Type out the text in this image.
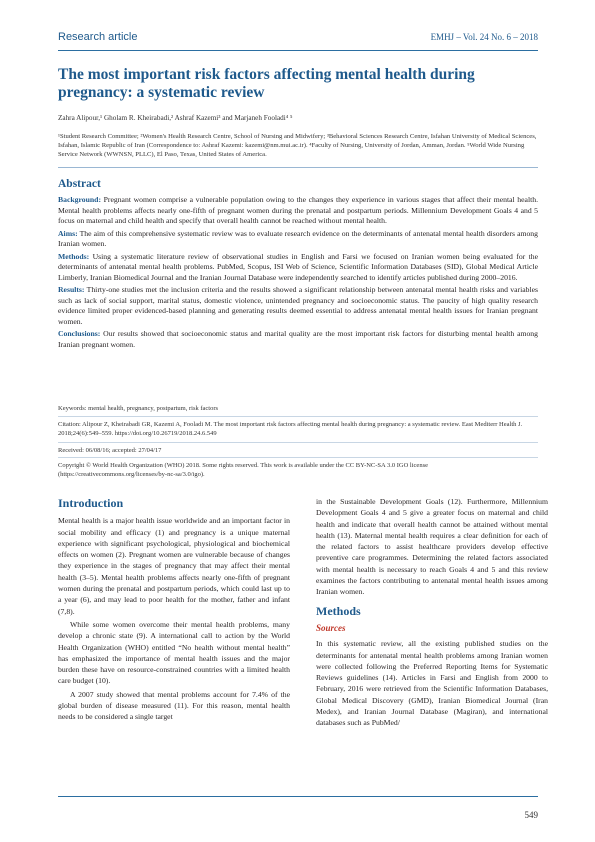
Research article	EMHJ – Vol. 24 No. 6 – 2018
The most important risk factors affecting mental health during pregnancy: a systematic review
Zahra Alipour,¹ Gholam R. Kheirabadi,² Ashraf Kazemi³ and Marjaneh Fooladi⁴ ⁵
¹Student Research Committee; ²Women's Health Research Centre, School of Nursing and Midwifery; ³Behavioral Sciences Research Centre, Isfahan University of Medical Sciences, Isfahan, Islamic Republic of Iran (Correspondence to: Ashraf Kazemi: kazemi@nm.mui.ac.ir). ⁴Faculty of Nursing, University of Jordan, Amman, Jordan. ⁵World Wide Nursing Service Network (WWNSN, PLLC), El Paso, Texas, United States of America.
Abstract

Background: Pregnant women comprise a vulnerable population owing to the changes they experience in various stages that affect their mental health. Mental health problems affects nearly one-fifth of pregnant women during the prenatal and postpartum periods. Millennium Development Goals 4 and 5 focus on maternal and child health and specify that overall health cannot be reached without mental health.

Aims: The aim of this comprehensive systematic review was to evaluate research evidence on the determinants of antenatal mental health disorders among Iranian women.

Methods: Using a systematic literature review of observational studies in English and Farsi we focused on Iranian women being evaluated for the determinants of antenatal mental health problems. PubMed, Scopus, ISI Web of Science, Scientific Information Databases (SID), Global Medical Article Limberly, Iranian Biomedical Journal and the Iranian Journal Database were independently searched to identify articles published during 2000–2016.

Results: Thirty-one studies met the inclusion criteria and the results showed a significant relationship between antenatal mental health risks and variables such as lack of social support, marital status, domestic violence, unintended pregnancy and socioeconomic status. The paucity of high quality research evidence limited proper evidenced-based planning and generating results deemed essential to address antenatal mental health issues for Iranian pregnant women.

Conclusions: Our results showed that socioeconomic status and marital quality are the most important risk factors for disturbing mental health among Iranian pregnant women.

Keywords: mental health, pregnancy, postpartum, risk factors

Citation: Alipour Z, Kheirabadi GR, Kazemi A, Fooladi M. The most important risk factors affecting mental health during pregnancy: a systematic review. East Mediterr Health J. 2018;24(6):549–559. https://doi.org/10.26719/2018.24.6.549

Received: 06/08/16; accepted: 27/04/17

Copyright © World Health Organization (WHO) 2018. Some rights reserved. This work is available under the CC BY-NC-SA 3.0 IGO license (https://creativecommons.org/licenses/by-nc-sa/3.0/igo).

Introduction

Mental health is a major health issue worldwide and an important factor in social mobility and efficacy (1) and pregnancy is a unique maternal experience with significant psychological, physiological and biochemical effects on women (2). Pregnant women are vulnerable because of changes they experience in the stages of pregnancy that may affect their mental health (3–5). Mental health problems affects nearly one-fifth of pregnant women during the prenatal and postpartum periods, which could last up to a year (6), and may lead to poor health for the mother, father and infant (7,8).

While some women overcome their mental health problems, many develop a chronic state (9). A international call to action by the World Health Organization (WHO) entitled “No health without mental health” has emphasized the importance of mental health issues and the major burden these have on resource-constrained countries with a limited health care budget (10).

A 2007 study showed that mental problems account for 7.4% of the global burden of disease measured (11). For this reason, mental health needs to be considered a single target

in the Sustainable Development Goals (12). Furthermore, Millennium Development Goals 4 and 5 give a greater focus on maternal and child health and indicate that overall health cannot be attained without mental health (13). Maternal mental health requires a clear definition for each of the related factors to assist healthcare providers develop effective preventive care programmes. Determining the related factors associated with mental health is necessary to reach Goals 4 and 5 and this review examines the factors contributing to antenatal mental health issues among Iranian women.

Methods
Sources

In this systematic review, all the existing published studies on the determinants for antenatal mental health problems among Iranian women were collected following the Preferred Reporting Items for Systematic Reviews guidelines (14). Articles in Farsi and English from 2000 to February, 2016 were retrieved from the Scientific Information Databases, Global Medical Discovery (GMD), Iranian Biomedical Journal (Iran Medex), and Iranian Journal Database (Magiran), and international databases such as PubMed/

549
